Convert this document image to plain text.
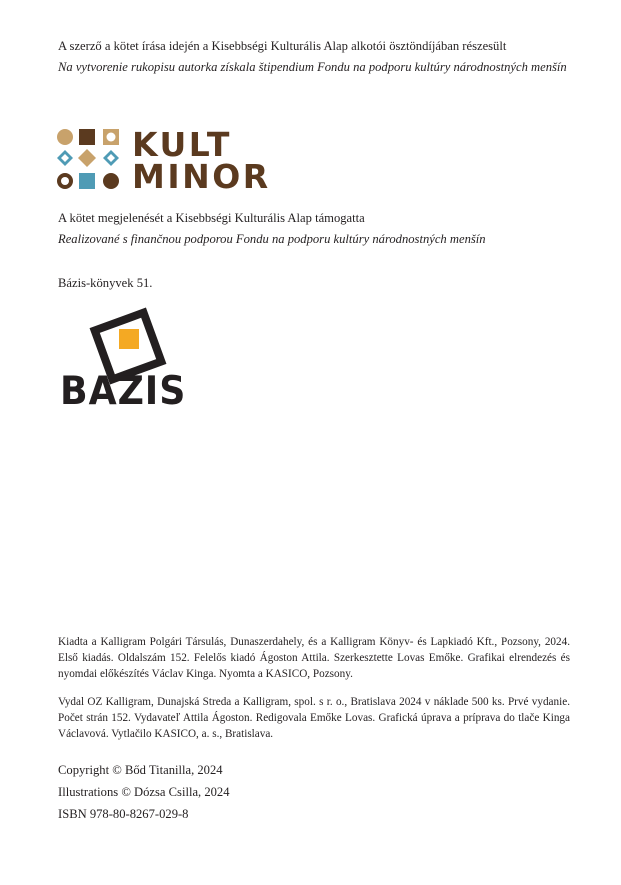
A szerző a kötet írása idején a Kisebbségi Kulturális Alap alkotói ösztöndíjában részesült
Na vytvorenie rukopisu autorka získala štipendium Fondu na podporu kultúry národnostných menšín
KULT
MINOR
A kötet megjelenését a Kisebbségi Kulturális Alap támogatta
Realizované s finančnou podporou Fondu na podporu kultúry národnostných menšín
Bázis-könyvek 51.
BAZIS
Kiadta a Kalligram Polgári Társulás, Dunaszerdahely, és a Kalligram Könyv- és Lapkiadó Kft., Pozsony, 2024. Első kiadás. Oldalszám 152. Felelős kiadó Ágoston Attila. Szerkesztette Lovas Emőke. Grafikai elrendezés és nyomdai előkészítés Václav Kinga. Nyomta a KASICO, Pozsony.
Vydal OZ Kalligram, Dunajská Streda a Kalligram, spol. s r. o., Bratislava 2024 v náklade 500 ks. Prvé vydanie. Počet strán 152. Vydavateľ Attila Ágoston. Redigovala Emőke Lovas. Grafická úprava a príprava do tlače Kinga Václavová. Vytlačilo KASICO, a. s., Bratislava.
Copyright © Bőd Titanilla, 2024
Illustrations © Dózsa Csilla, 2024
ISBN 978-80-8267-029-8
